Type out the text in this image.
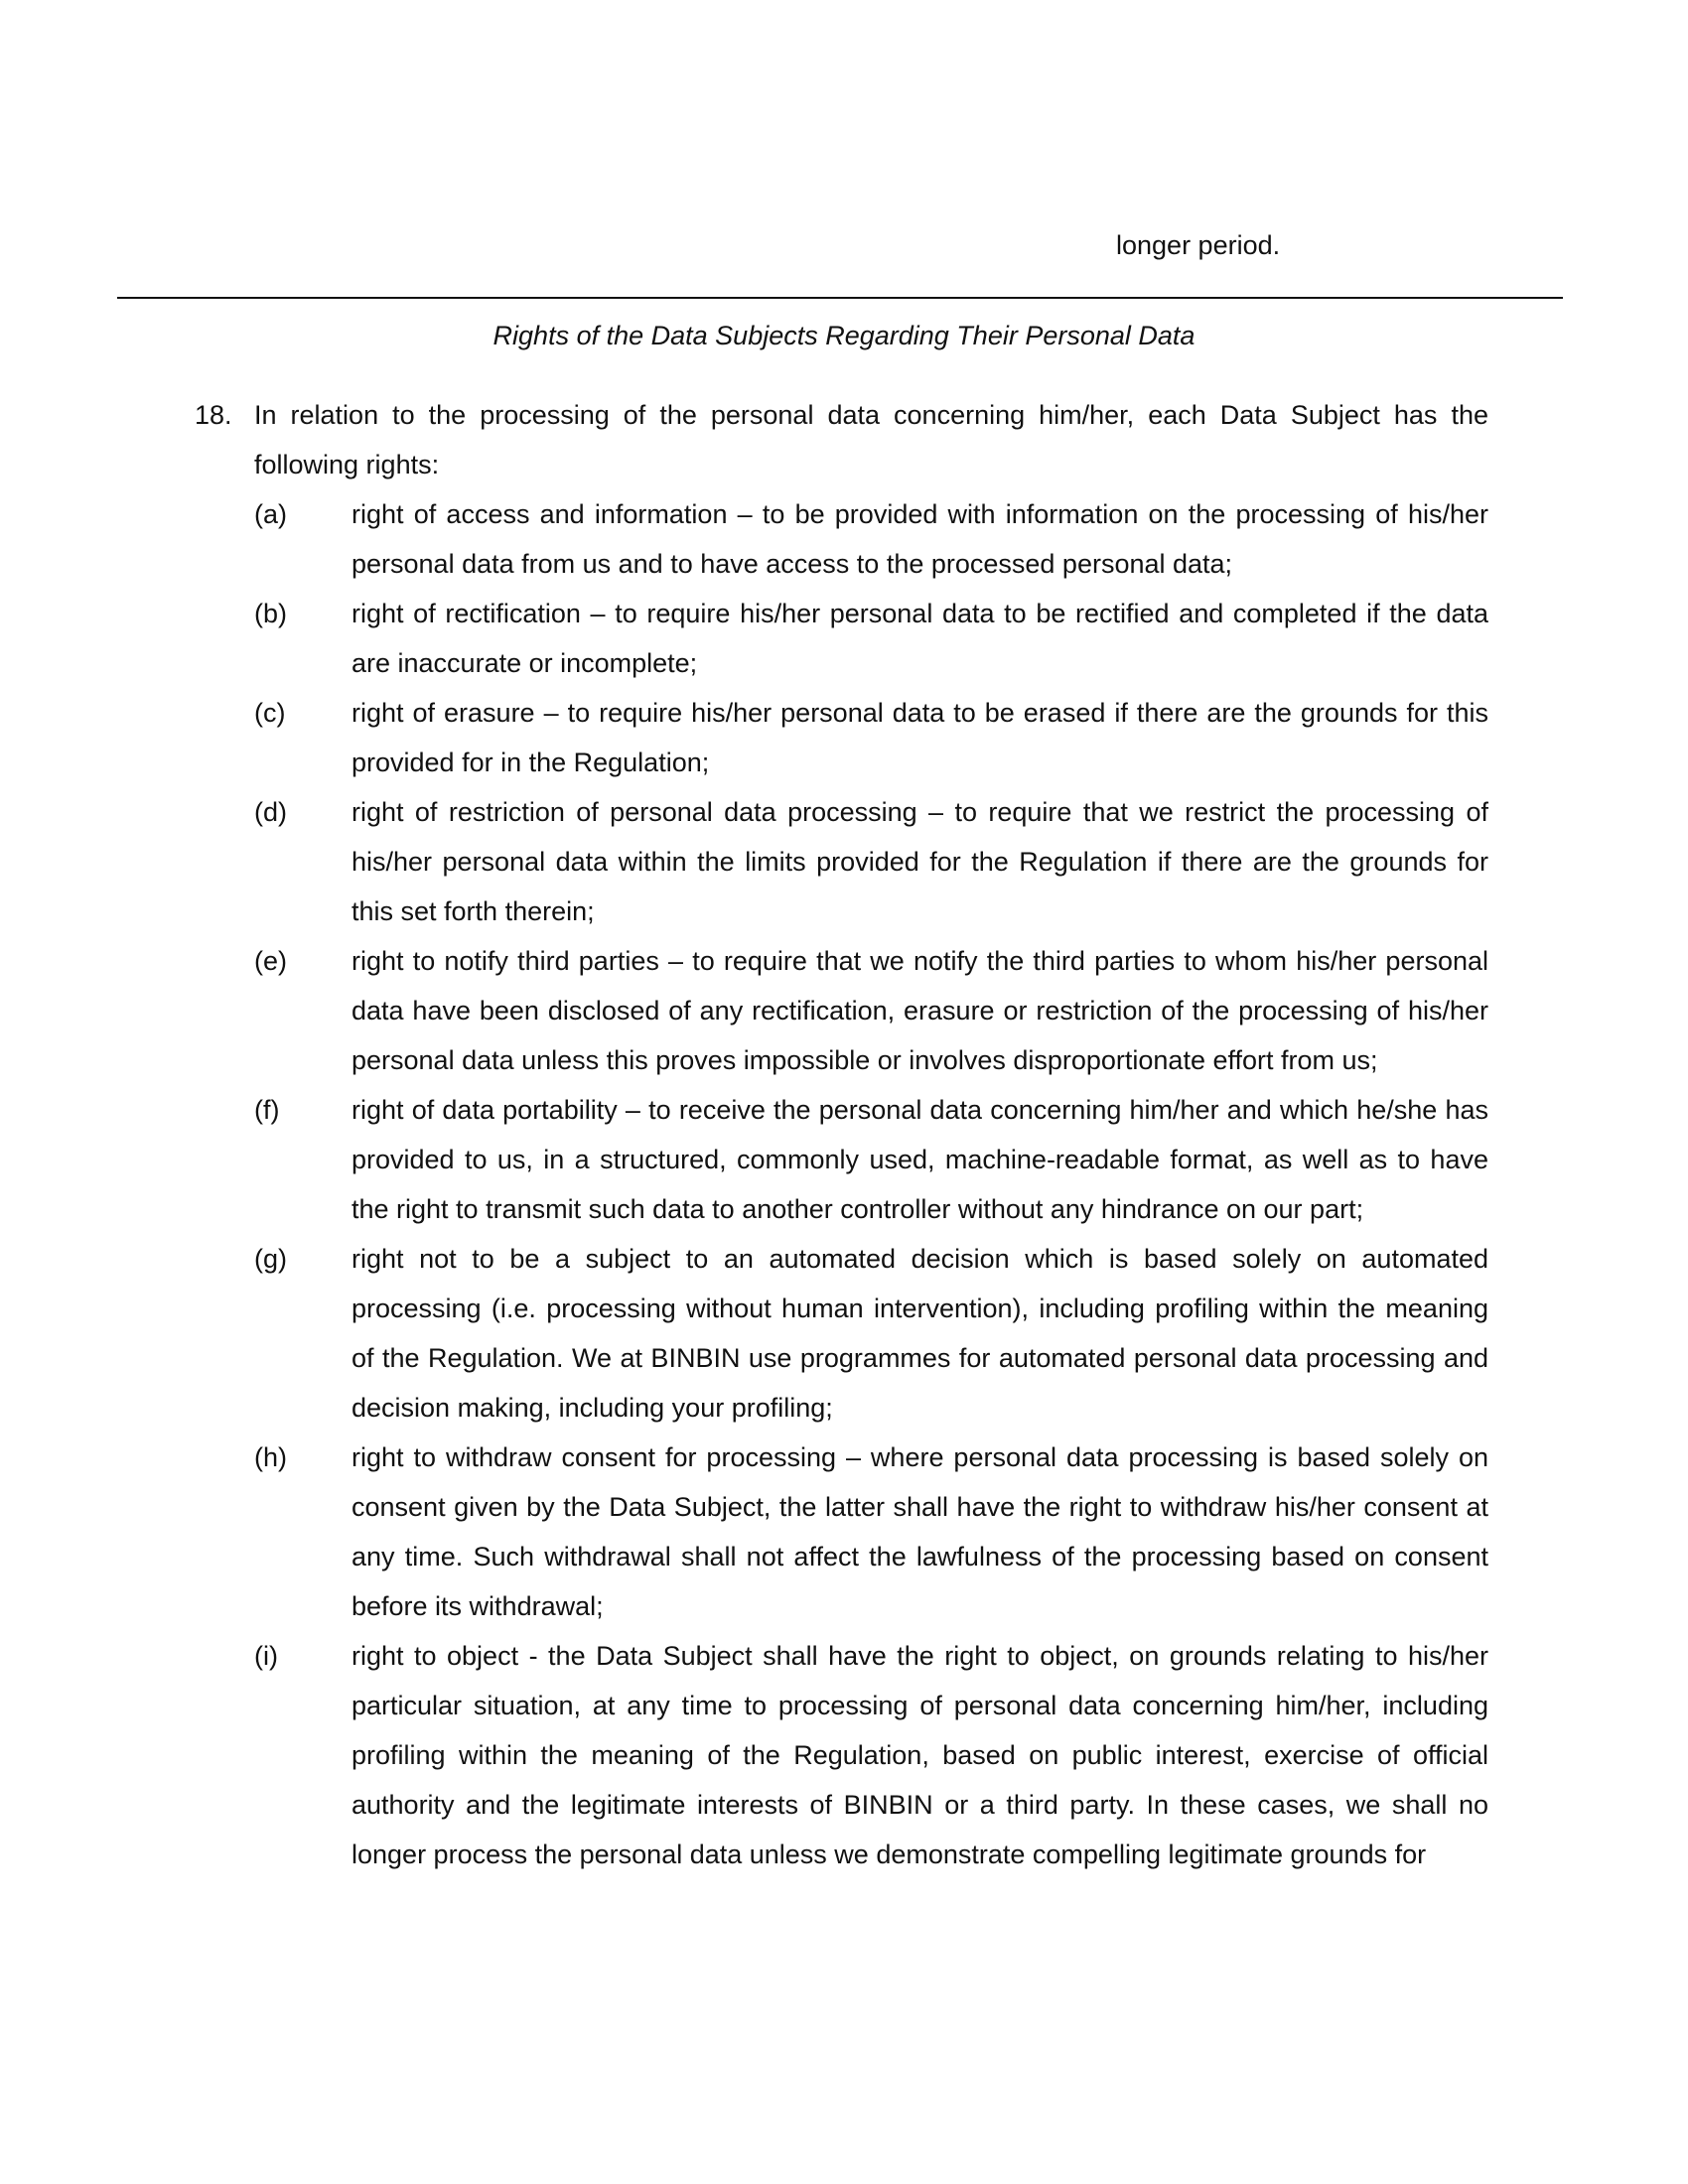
longer period.
Rights of the Data Subjects Regarding Their Personal Data
18. In relation to the processing of the personal data concerning him/her, each Data Subject has the following rights:
(a) right of access and information – to be provided with information on the processing of his/her personal data from us and to have access to the processed personal data;
(b) right of rectification – to require his/her personal data to be rectified and completed if the data are inaccurate or incomplete;
(c) right of erasure – to require his/her personal data to be erased if there are the grounds for this provided for in the Regulation;
(d) right of restriction of personal data processing – to require that we restrict the processing of his/her personal data within the limits provided for the Regulation if there are the grounds for this set forth therein;
(e) right to notify third parties – to require that we notify the third parties to whom his/her personal data have been disclosed of any rectification, erasure or restriction of the processing of his/her personal data unless this proves impossible or involves disproportionate effort from us;
(f)	right of data portability – to receive the personal data concerning him/her and which he/she has provided to us, in a structured, commonly used, machine-readable format, as well as to have the right to transmit such data to another controller without any hindrance on our part;
(g) right not to be a subject to an automated decision which is based solely on automated processing (i.e. processing without human intervention), including profiling within the meaning of the Regulation. We at BINBIN use programmes for automated personal data processing and decision making, including your profiling;
(h) right to withdraw consent for processing – where personal data processing is based solely on consent given by the Data Subject, the latter shall have the right to withdraw his/her consent at any time. Such withdrawal shall not affect the lawfulness of the processing based on consent before its withdrawal;
(i)	right to object - the Data Subject shall have the right to object, on grounds relating to his/her particular situation, at any time to processing of personal data concerning him/her, including profiling within the meaning of the Regulation, based on public interest, exercise of official authority and the legitimate interests of BINBIN or a third party. In these cases, we shall no longer process the personal data unless we demonstrate compelling legitimate grounds for
